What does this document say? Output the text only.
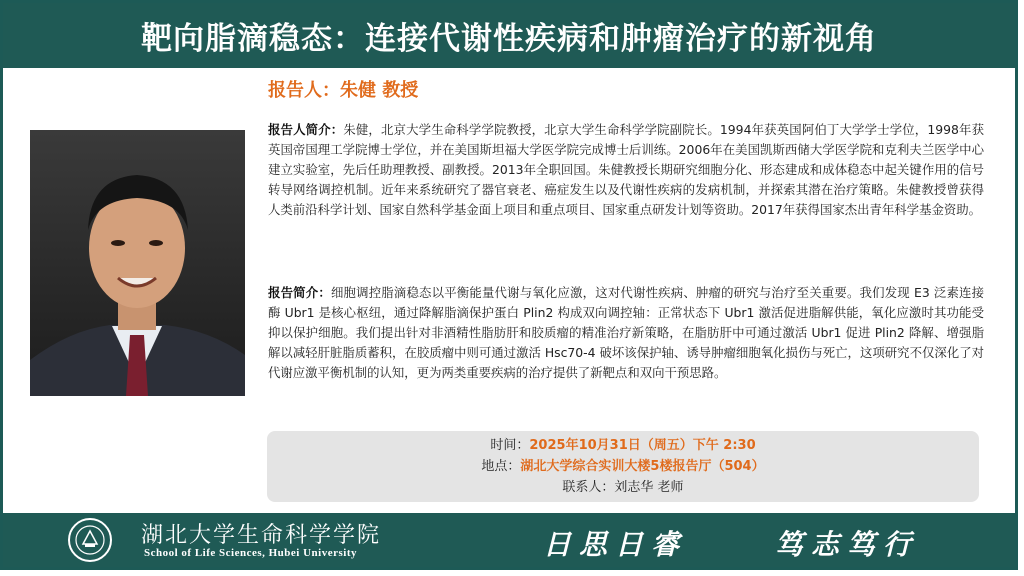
靶向脂滴稳态：连接代谢性疾病和肿瘤治疗的新视角
报告人：朱健 教授
报告人简介：朱健，北京大学生命科学学院教授，北京大学生命科学学院副院长。1994年获英国阿伯丁大学学士学位，1998年获英国帝国理工学院博士学位，并在美国斯坦福大学医学院完成博士后训练。2006年在美国凯斯西储大学医学院和克利夫兰医学中心建立实验室，先后任助理教授、副教授。2013年全职回国。朱健教授长期研究细胞分化、形态建成和成体稳态中起关键作用的信号转导网络调控机制。近年来系统研究了器官衰老、癌症发生以及代谢性疾病的发病机制，并探索其潜在治疗策略。朱健教授曾获得人类前沿科学计划、国家自然科学基金面上项目和重点项目、国家重点研发计划等资助。2017年获得国家杰出青年科学基金资助。
报告简介：细胞调控脂滴稳态以平衡能量代谢与氧化应激，这对代谢性疾病、肿瘤的研究与治疗至关重要。我们发现 E3 泛素连接酶 Ubr1 是核心枢纽，通过降解脂滴保护蛋白 Plin2 构成双向调控轴：正常状态下 Ubr1 激活促进脂解供能，氧化应激时其功能受抑以保护细胞。我们提出针对非酒精性脂肪肝和胶质瘤的精准治疗新策略，在脂肪肝中可通过激活 Ubr1 促进 Plin2 降解、增强脂解以减轻肝脏脂质蓄积，在胶质瘤中则可通过激活 Hsc70-4 破坏该保护轴、诱导肿瘤细胞氧化损伤与死亡，这项研究不仅深化了对代谢应激平衡机制的认知，更为两类重要疾病的治疗提供了新靶点和双向干预思路。
时间：2025年10月31日（周五）下午 2:30
地点：湖北大学综合实训大楼5楼报告厅（504）
联系人：刘志华 老师
湖北大学生命科学学院
School of Life Sciences, Hubei University	日思日睿	笃志笃行
